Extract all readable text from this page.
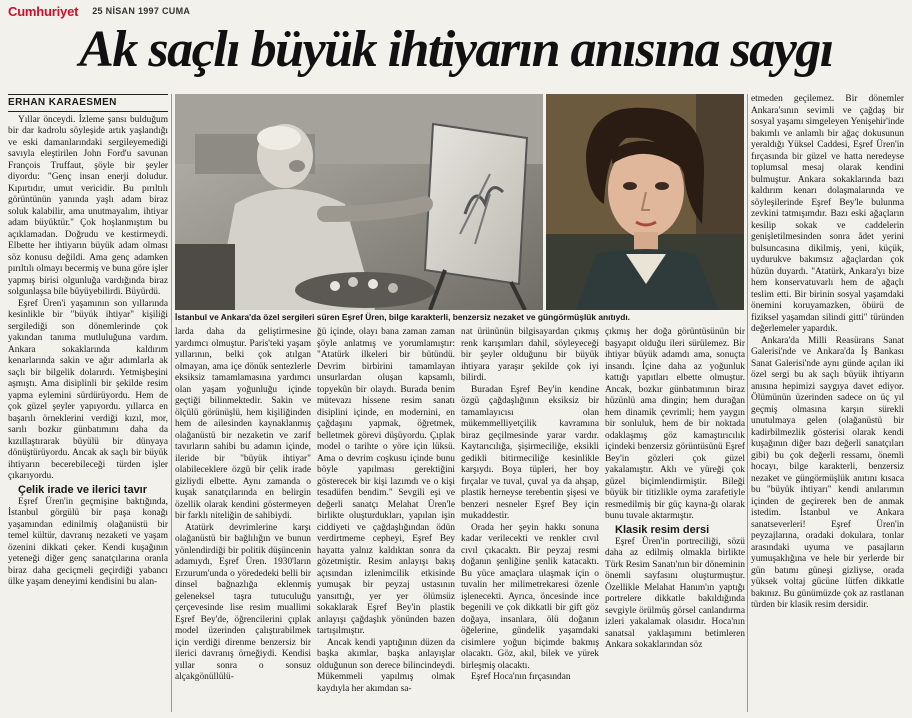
Cumhuriyet 25 NİSAN 1997 CUMA
Ak saçlı büyük ihtiyarın anısına saygı
ERHAN KARAESMEN

Yıllar önceydi. İzleme şansı bulduğum bir dar kadrolu söyleşide artık yaşlandığı ve eski damanlarındaki sergileyemediği savıyla eleştirilen John Ford'u savunan François Truffaut, şöyle bir şeyler diyordu: "Genç insan enerji doludur. Kıpırtıdır, umut vericidir. Bu pırıltılı görüntünün yanında yaşlı adam biraz soluk kalabilir, ama unutmayalım, ihtiyar adam büyüktür." Çok hoşlanmıştım bu açıklamadan. Doğrudu ve kestirmeydi. Elbette her ihtiyarın büyük adam olması söz konusu değildi. Ama genç adamken pırıltılı olmayı becermiş ve buna göre işler yapmış birisi olgunluğa vardığında biraz solgunlaşsa bile büyüyebilirdi. Büyürdü.

Eşref Üren'i yaşamının son yıllarında kesinlikle bir "büyük ihtiyar" kişiliği sergilediği son dönemlerinde çok yakından tanıma mutluluğuna vardım. Ankara sokaklarında kaldırım kenarlarında sakin ve ağır adımlarla ak saçlı bir bilgelik dolarırdı. Yetmişbeşini aşmıştı. Ama disiplinli bir şekilde resim yapma eylemini sürdürüyordu. Hem de çok güzel şeyler yapıyordu. yıllarca en başarılı örneklerini verdiği kızıl, mor, sarılı bozkır günbatımını daha da kızıllaştırarak büyülü bir dünyaya dönüştürüyordu. Ancak ak saçlı bir büyük ihtiyarın becerebileceği türden işler çıkarıyordu.

Çelik irade ve ilerici tavır

Eşref Üren'in geçmişine baktığında, İstanbul görgülü bir paşa konağı yaşamından edinilmiş olağanüstü bir temel kültür, davranış nezaketi ve yaşam özenini dikkati çeker. Kendi kuşağının yeteneği diğer genç sanatçılarına oranla biraz daha geciçmeli geçirdiği yabancı ülke yaşam deneyimi kendisini bu alan-

İstanbul ve Ankara'da özel sergileri süren Eşref Üren, bilge karakterli, benzersiz nezaket ve güngörmüşlük anıtıydı.

larda daha da geliştirmesine yardımcı olmuştur. Paris'teki yaşam yıllarının, belki çok atılgan olmayan, ama içe dönük sentezlerle eksiksiz tamamlamasına yardımcı olan yaşam yoğunluğu içinde geçtiği bilinmektedir. Sakin ve ölçülü görünüşlü, hem kişiliğinden hem de ailesinden kaynaklanmış olağanüstü bir nezaketin ve zarif tavırların sahibi bu adamın içinde, ileride bir "büyük ihtiyar" olabileceklere özgü bir çelik irade gizliydi elbette. Aynı zamanda o kuşak sanatçılarında en belirgin özellik olarak kendini göstermeyen bir farklı niteliğin de sahibiydi.

Atatürk devrimlerine karşı olağanüstü bir bağlılığın ve bunun yönlendirdiği bir politik düşüncenin adamıydı, Eşref Üren. 1930'ların Erzurum'unda o yörededeki belli bir dinsel bağnazlığa eklenmiş geleneksel taşra tutuculuğu çerçevesinde lise resim muallimi Eşref Bey'de, öğrencilerini çıplak model üzerinden çalıştırabilmek için verdiği direnme benzersiz bir ilerici davranış örneğiydi. Kendisi yıllar sonra o sonsuz alçakgönüllülü-

ğü içinde, olayı bana zaman zaman şöyle anlatmış ve yorumlamıştır: "Atatürk ilkeleri bir bütündü. Devrim birbirini tamamlayan unsurlardan oluşan kapsamlı, topyekûn bir olaydı. Burada benim mütevazı hissene resim sanatı disiplini içinde, en modernini, en çağdaşını yapmak, öğretmek, belletmek görevi düşüyordu. Çıplak model o tarihte o yöre için lüksü. Ama o devrim coşkusu içinde bunu böyle yapılması gerektiğini gösterecek bir kişi lazımdı ve o kişi tesadüfen bendim." Sevgili eşi ve değerli sanatçı Melahat Üren'le birlikte oluşturdukları, yapılan işin ciddiyeti ve çağdaşlığından ödün verdirtmeme cepheyi, Eşref Bey hayatta yalnız kaldıktan sonra da gözetmiştir. Resim anlayışı bakış açısından izlenimcilik etkisinde yumuşak bir peyzaj ustasının yansıttığı, yer yer ölümsüz sokaklarak Eşref Bey'in plastik anlayışı çağdaşlık yönünden bazen tartışılmıştır.

Ancak kendi yaptığının düzen da başka akımlar, başka anlayışlar olduğunun son derece bilincindeydi. Mükemmeli yapılmış olmak kaydıyla her akımdan sa-

nat ürününün bilgisayardan çıkmış renk karışımları dahil, söyleyeceği bir şeyler olduğunu bir büyük ihtiyara yaraşır şekilde çok iyi bilirdi.

Buradan Eşref Bey'in kendine özgü çağdaşlığının eksiksiz bir tamamlayıcısı olan mükemmelliyetçilik kavramına biraz geçilmesinde yarar vardır. Kaytarıcılığa, şişirmeciliğe, eksikli gedikli bitirmeciliğe kesinlikle karşıydı. Boya tüpleri, her boy fırçalar ve tuval, çuval ya da ahşap, plastik herneyse terebentin şişesi ve benzeri nesneler Eşref Bey için mukaddestir.

Orada her şeyin hakkı sonuna kadar verilecekti ve renkler cıvıl cıvıl çıkacaktı. Bir peyzaj resmi doğanın şenliğine şenlik katacaktı. Bu yüce amaçlara ulaşmak için o tuvalin her milimetrekaresi özenle işlenecekti. Ayrıca, öncesinde ince begenili ve çok dikkatli bir gift göz doğaya, insanlara, ölü doğanın öğelerine, gündelik yaşamdaki cisimlere yoğun biçimde bakmış olacaktı. Göz, akıl, bilek ve yürek birleşmiş olacaktı.

Eşref Hoca'nın fırçasından

çıkmış her doğa görüntüsünün bir başyapıt olduğu ileri sürülemez. Bir ihtiyar büyük adamdı ama, sonuçta insandı. İçine daha az yoğunluk kattığı yapıtları elbette olmuştur. Ancak, bozkır günbatımının biraz hüzünlü ama dingin; hem durağan hem dinamik çevrimli; hem yaygın bir sonluluk, hem de bir noktada odaklaşmış göz kamaştırıcılık içindeki benzersiz görüntüsünü Eşref Bey'in gözleri çok güzel yakalamıştır. Aklı ve yüreği çok güzel biçimlendirmiştir. Bileği büyük bir titizlikle oyma zarafetiyle resmedilmiş bir güç kayna-ğı olarak bunu tuvale aktarmıştır.

Klasik resim dersi

Eşref Üren'in portreciliği, sözü daha az edilmiş olmakla birlikte Türk Resim Sanatı'nın bir döneminin önemli sayfasını oluşturmuştur. Özellikle Melahat Hanım'ın yaptığı portrelere dikkatle bakıldığında sevgiyle örülmüş görsel canlandırma izleri yakalamak olasıdır. Hoca'nın sanatsal yaklaşımını betimleren Ankara sokaklarından söz

etmeden geçilemez. Bir dönemler Ankara'sının sevimli ve çağdaş bir sosyal yaşamı simgeleyen Yenişehir'inde bakımlı ve anlamlı bir ağaç dokusunun yeraldığı Yüksel Caddesi, Eşref Üren'in fırçasında bir güzel ve hatta neredeyse toplumsal mesaj olarak kendini bulmuştur. Ankara sokaklarında bazı kaldırım kenarı dolaşmalarında ve söyleşilerinde Eşref Bey'le bulunma zevkini tatmışımdır. Bazı eski ağaçların kesilip sokak ve caddelerin genişletilmesinden sonra ådet yerini bulsuncasına dikilmiş, yeni, küçük, uydurukve bakımsız ağaçlardan çok hüzün duyardı. "Atatürk, Ankara'yı bize hem konservatuvarlı hem de ağaçlı teslim etti. Bir birinin sosyal yaşamdaki önemini koruyamazken, öbürü de fiziksel yaşamdan silindi gitti" türünden değerlemeler yapardık.

Ankara'da Milli Reasürans Sanat Galerisi'nde ve Ankara'da İş Bankası Sanat Galerisi'nde aynı günde açılan iki özel sergi bu ak saçlı büyük ihtiyarın anısına hepimizi saygıya davet ediyor. Ölümünün üzerinden sadece on üç yıl geçmiş olmasına karşın sürekli unutulmaya gelen (olağanüstü bir kadirbilmezlik gösterisi olarak kendi kuşağının diğer bazı değerli sanatçıları gibi) bu çok değerli ressamı, önemli hocayı, bilge karakterli, benzersiz nezaket ve güngörmüşlük anıtını kısaca bu "büyük ihtiyarı" kendi anılarımın içinden de geçirerek ben de anmak istedim. İstanbul ve Ankara sanatseverleri! Eşref Üren'in peyzajlarına, oradaki dokulara, tonlar arasındaki uyuma ve pasajların yumuşaklığına ve hele bir yerlerde bir gün batımı güneşi gizliyse, orada yüksek voltaj gücüne lütfen dikkatle bakınız. Bu günümüzde çok az rastlanan türden bir klasik resim dersidir.
